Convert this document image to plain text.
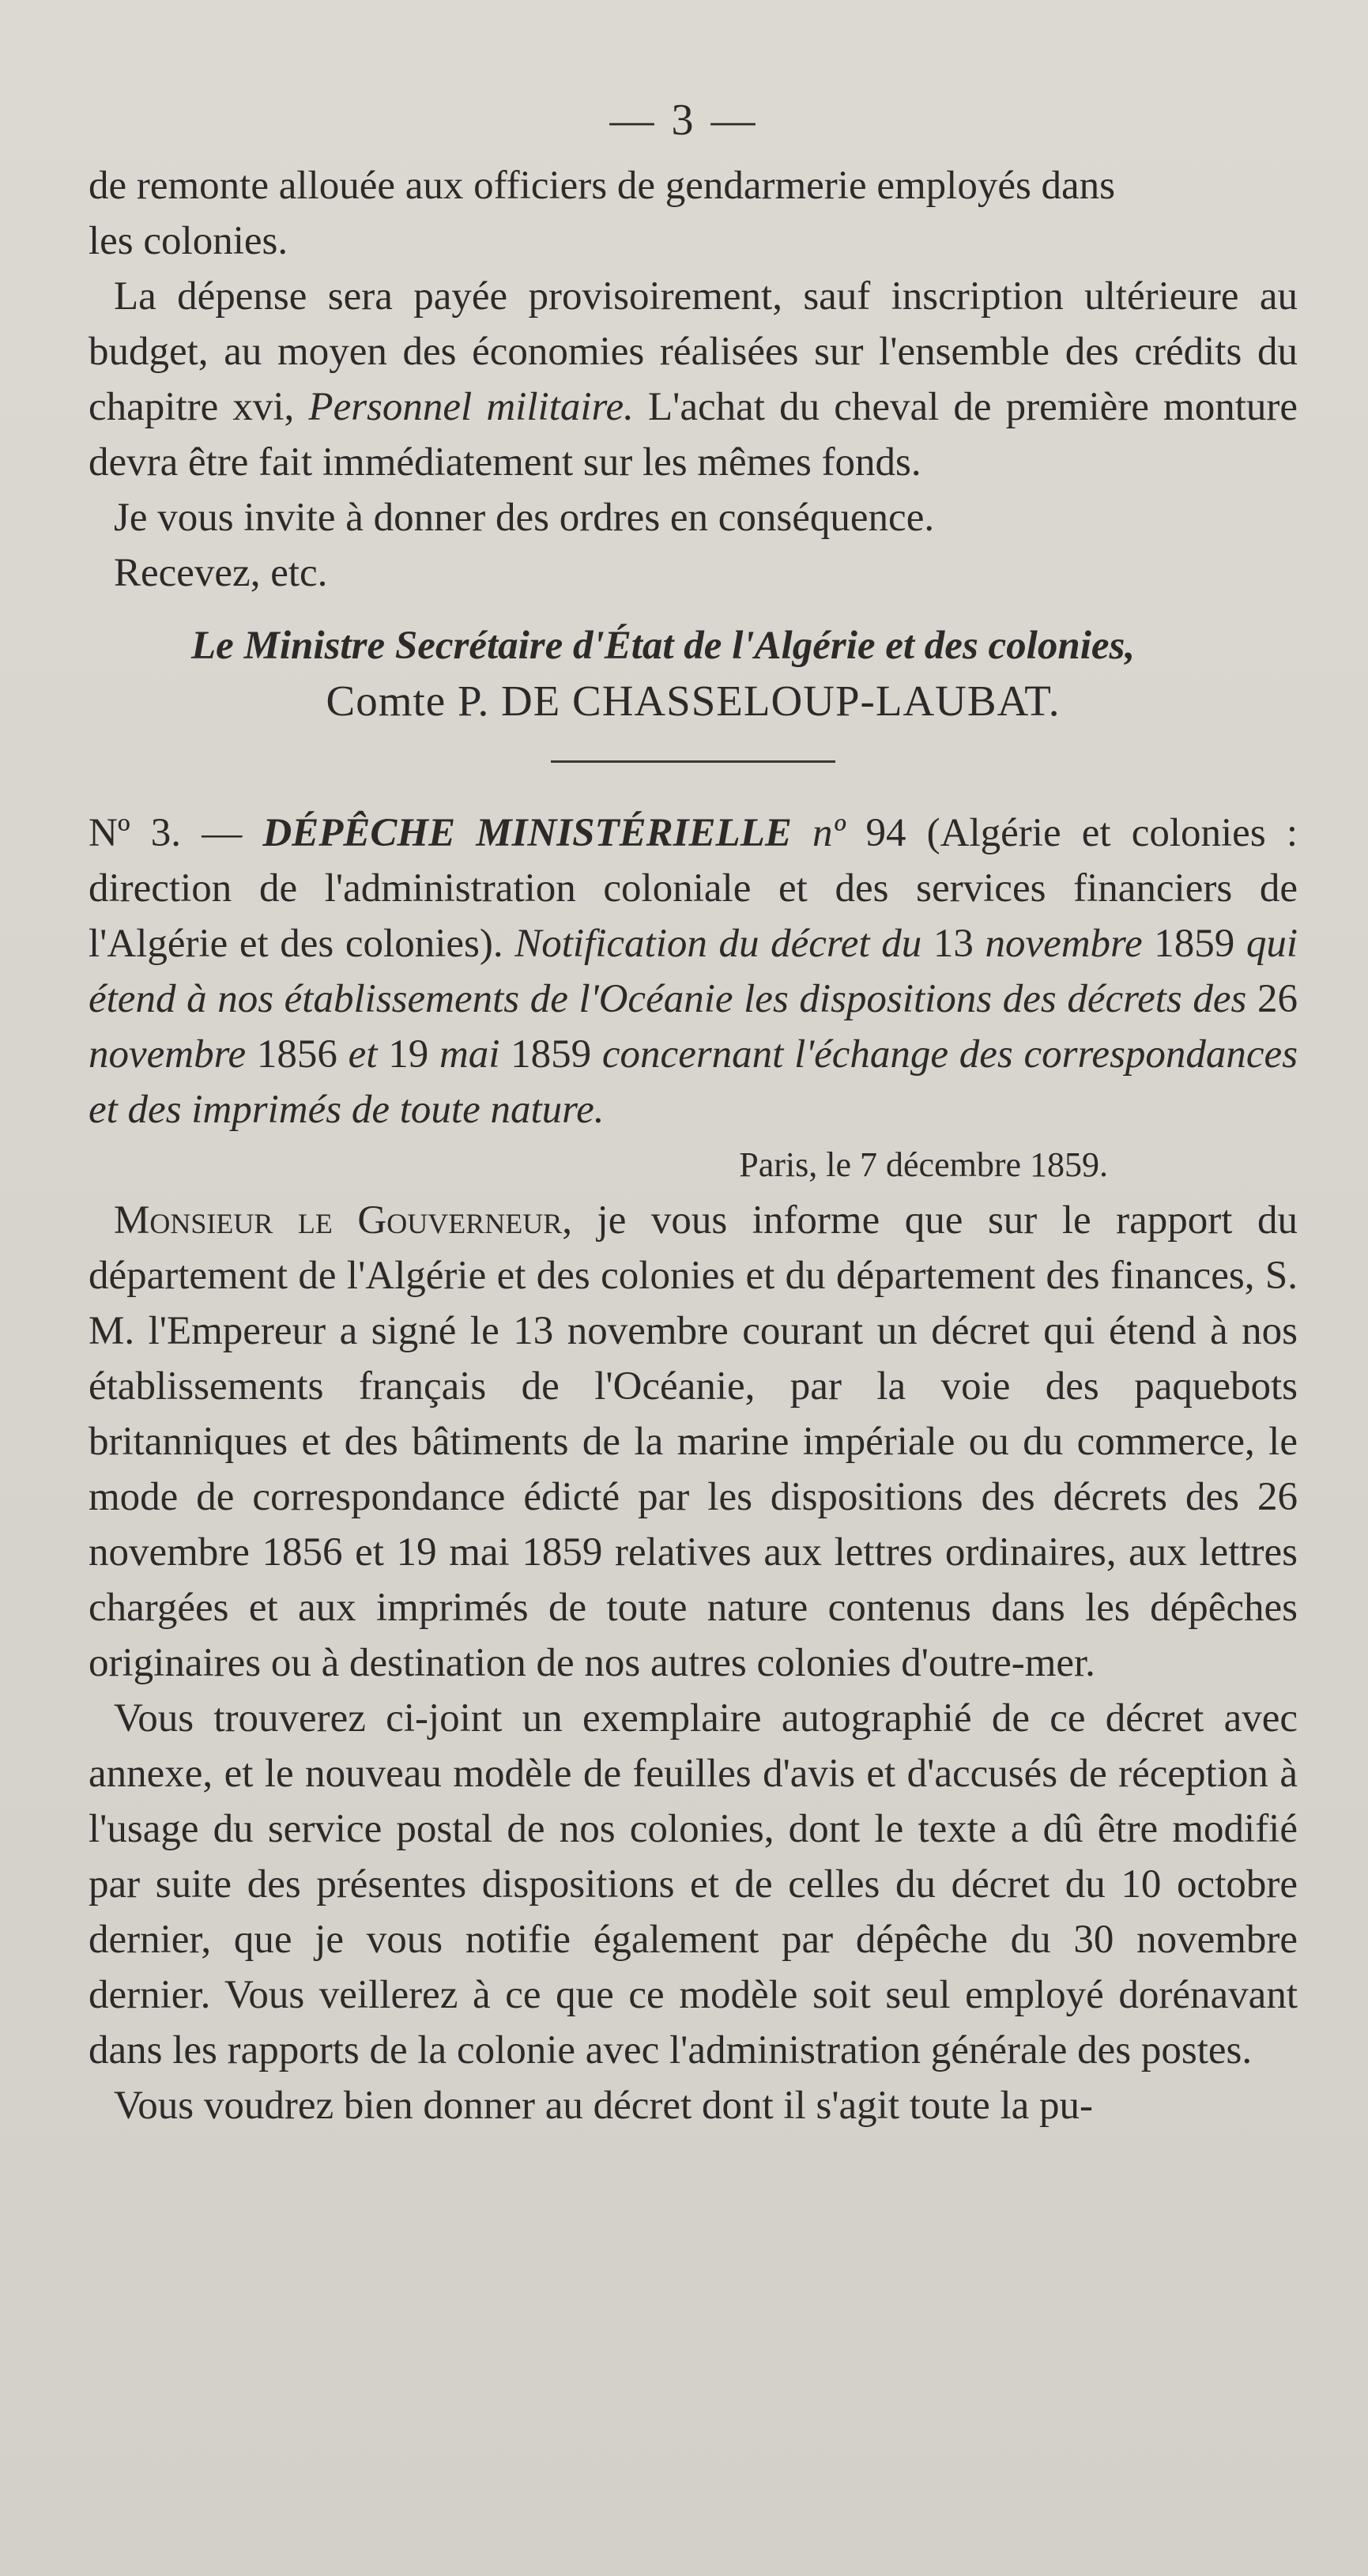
— 3 —

de remonte allouée aux officiers de gendarmerie employés dans

les colonies.

La dépense sera payée provisoirement, sauf inscription ultérieure au budget, au moyen des économies réalisées sur l'ensemble des crédits du chapitre xvi, Personnel militaire. L'achat du cheval de première monture devra être fait immédiatement sur les mêmes fonds.

Je vous invite à donner des ordres en conséquence.

Recevez, etc.

Le Ministre Secrétaire d'État de l'Algérie et des colonies,

Comte P. DE CHASSELOUP-LAUBAT.

Nº 3. — DÉPÊCHE MINISTÉRIELLE nº 94 (Algérie et colonies : direction de l'administration coloniale et des services financiers de l'Algérie et des colonies). Notification du décret du 13 novembre 1859 qui étend à nos établissements de l'Océanie les dispositions des décrets des 26 novembre 1856 et 19 mai 1859 concernant l'échange des correspondances et des imprimés de toute nature.

Paris, le 7 décembre 1859.

Monsieur le Gouverneur, je vous informe que sur le rapport du département de l'Algérie et des colonies et du département des finances, S. M. l'Empereur a signé le 13 novembre courant un décret qui étend à nos établissements français de l'Océanie, par la voie des paquebots britanniques et des bâtiments de la marine impériale ou du commerce, le mode de correspondance édicté par les dispositions des décrets des 26 novembre 1856 et 19 mai 1859 relatives aux lettres ordinaires, aux lettres chargées et aux imprimés de toute nature contenus dans les dépêches originaires ou à destination de nos autres colonies d'outre-mer.

Vous trouverez ci-joint un exemplaire autographié de ce décret avec annexe, et le nouveau modèle de feuilles d'avis et d'accusés de réception à l'usage du service postal de nos colonies, dont le texte a dû être modifié par suite des présentes dispositions et de celles du décret du 10 octobre dernier, que je vous notifie également par dépêche du 30 novembre dernier. Vous veillerez à ce que ce modèle soit seul employé dorénavant dans les rapports de la colonie avec l'administration générale des postes.

Vous voudrez bien donner au décret dont il s'agit toute la pu-
